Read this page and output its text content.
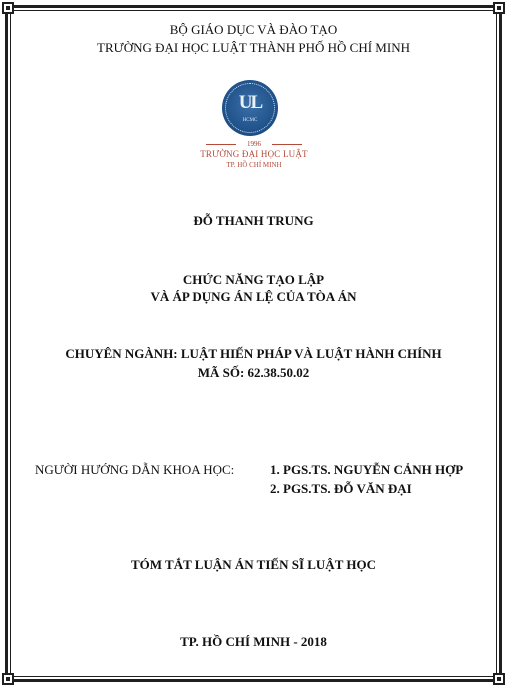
BỘ GIÁO DỤC VÀ ĐÀO TẠO
TRƯỜNG ĐẠI HỌC LUẬT THÀNH PHỐ HỒ CHÍ MINH
UL
HCMC
1996
TRƯỜNG ĐẠI HỌC LUẬT
TP. HỒ CHÍ MINH
ĐỖ THANH TRUNG
CHỨC NĂNG TẠO LẬP
VÀ ÁP DỤNG ÁN LỆ CỦA TÒA ÁN
CHUYÊN NGÀNH: LUẬT HIẾN PHÁP VÀ LUẬT HÀNH CHÍNH
MÃ SỐ: 62.38.50.02
NGƯỜI HƯỚNG DẪN KHOA HỌC:	1. PGS.TS. NGUYỄN CẢNH HỢP
2. PGS.TS. ĐỖ VĂN ĐẠI
TÓM TẮT LUẬN ÁN TIẾN SĨ LUẬT HỌC
TP. HỒ CHÍ MINH - 2018
